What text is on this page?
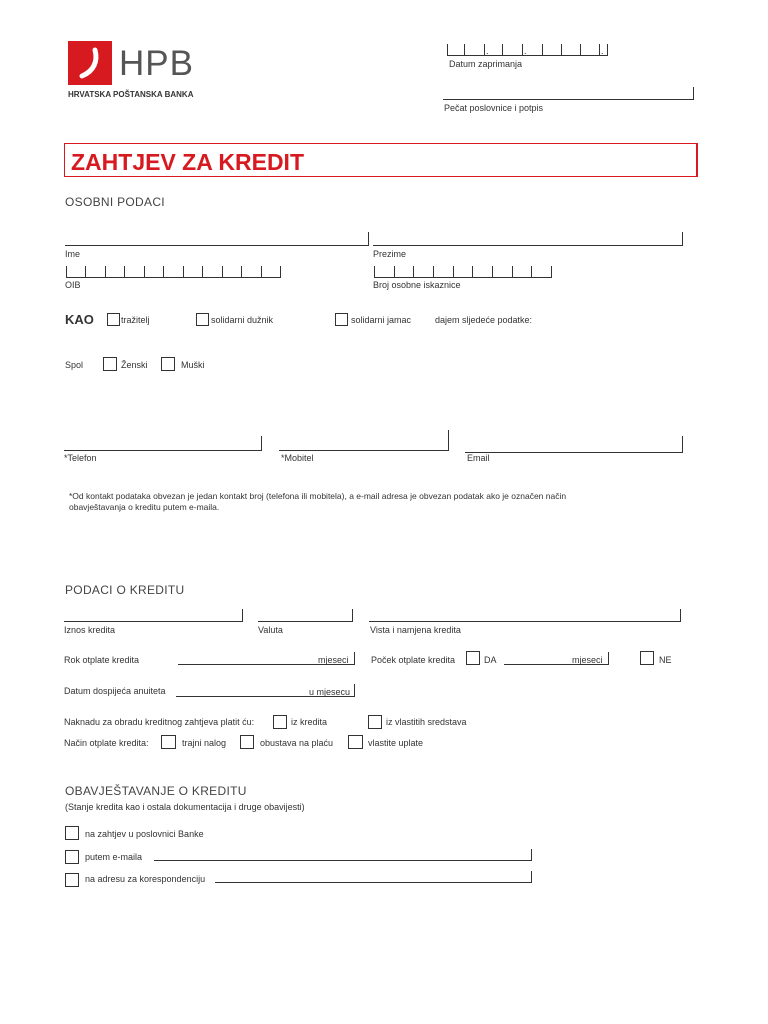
HPB
HRVATSKA POŠTANSKA BANKA
.	.	.
Datum zaprimanja
Pečat poslovnice i potpis
ZAHTJEV ZA KREDIT
OSOBNI PODACI
Ime	Prezime
OIB	Broj osobne iskaznice
KAO	tražitelj	solidarni dužnik	solidarni jamac	dajem sljedeće podatke:
Spol	Ženski	Muški
*Telefon	*Mobitel	Email
*Od kontakt podataka obvezan je jedan kontakt broj (telefona ili mobitela), a e-mail adresa je obvezan podatak ako je označen način
obavještavanja o kreditu putem e-maila.
PODACI O KREDITU
Iznos kredita	Valuta	Vista i namjena kredita
Rok otplate kredita	mjeseci Poček otplate kredita	DA	mjeseci	NE
Datum dospijeća anuiteta	u mjesecu
Naknadu za obradu kreditnog zahtjeva platit ću:	iz kredita	iz vlastitih sredstava
Način otplate kredita:	trajni nalog	obustava na plaću	vlastite uplate
OBAVJEŠTAVANJE O KREDITU
(Stanje kredita kao i ostala dokumentacija i druge obavijesti)
na zahtjev u poslovnici Banke
putem e-maila
na adresu za korespondenciju
